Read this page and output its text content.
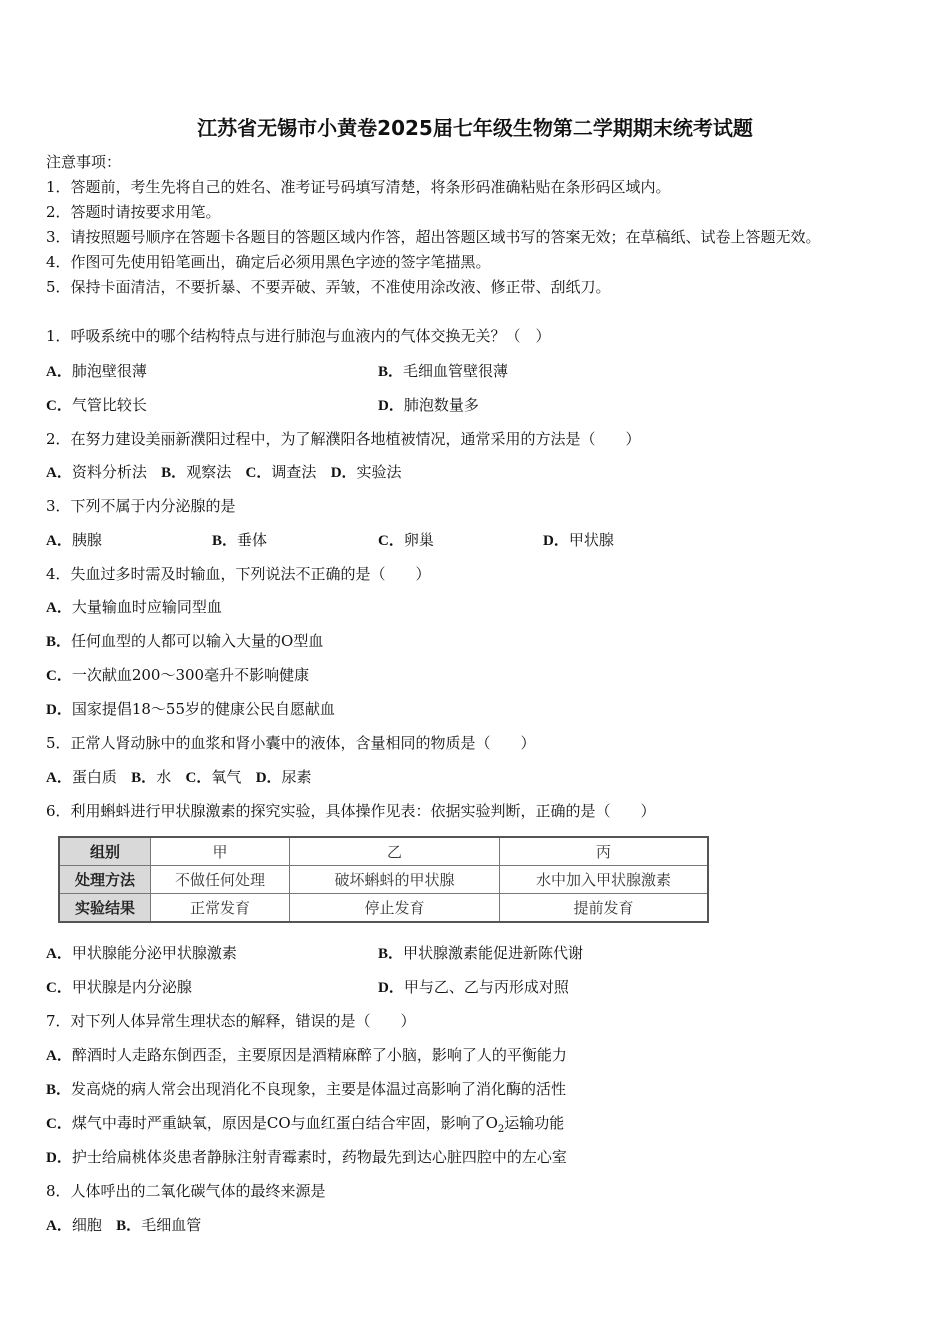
江苏省无锡市小黄卷2025届七年级生物第二学期期末统考试题
注意事项：
1．答题前，考生先将自己的姓名、准考证号码填写清楚，将条形码准确粘贴在条形码区域内。
2．答题时请按要求用笔。
3．请按照题号顺序在答题卡各题目的答题区域内作答，超出答题区域书写的答案无效；在草稿纸、试卷上答题无效。
4．作图可先使用铅笔画出，确定后必须用黑色字迹的签字笔描黑。
5．保持卡面清洁，不要折暴、不要弄破、弄皱，不准使用涂改液、修正带、刮纸刀。
1．呼吸系统中的哪个结构特点与进行肺泡与血液内的气体交换无关？（　）
A．肺泡壁很薄	B．毛细血管壁很薄
C．气管比较长	D．肺泡数量多
2．在努力建设美丽新濮阳过程中，为了解濮阳各地植被情况，通常采用的方法是（　　）
A．资料分析法 B．观察法 C．调查法 D．实验法
3．下列不属于内分泌腺的是
A．胰腺	B．垂体	C．卵巢	D．甲状腺
4．失血过多时需及时输血，下列说法不正确的是（　　）
A．大量输血时应输同型血
B．任何血型的人都可以输入大量的O型血
C．一次献血200～300毫升不影响健康
D．国家提倡18～55岁的健康公民自愿献血
5．正常人肾动脉中的血浆和肾小囊中的液体，含量相同的物质是（　　）
A．蛋白质 B．水 C．氧气 D．尿素
6．利用蝌蚪进行甲状腺激素的探究实验，具体操作见表：依据实验判断，正确的是（　　）
组别	甲	乙	丙
处理方法	不做任何处理	破坏蝌蚪的甲状腺	水中加入甲状腺激素
实验结果	正常发育	停止发育	提前发育
A．甲状腺能分泌甲状腺激素	B．甲状腺激素能促进新陈代谢
C．甲状腺是内分泌腺	D．甲与乙、乙与丙形成对照
7．对下列人体异常生理状态的解释，错误的是（　　）
A．醉酒时人走路东倒西歪，主要原因是酒精麻醉了小脑，影响了人的平衡能力
B．发高烧的病人常会出现消化不良现象，主要是体温过高影响了消化酶的活性
C．煤气中毒时严重缺氧，原因是CO与血红蛋白结合牢固，影响了$O_2$运输功能
D．护士给扁桃体炎患者静脉注射青霉素时，药物最先到达心脏四腔中的左心室
8．人体呼出的二氧化碳气体的最终来源是
A．细胞 B．毛细血管
